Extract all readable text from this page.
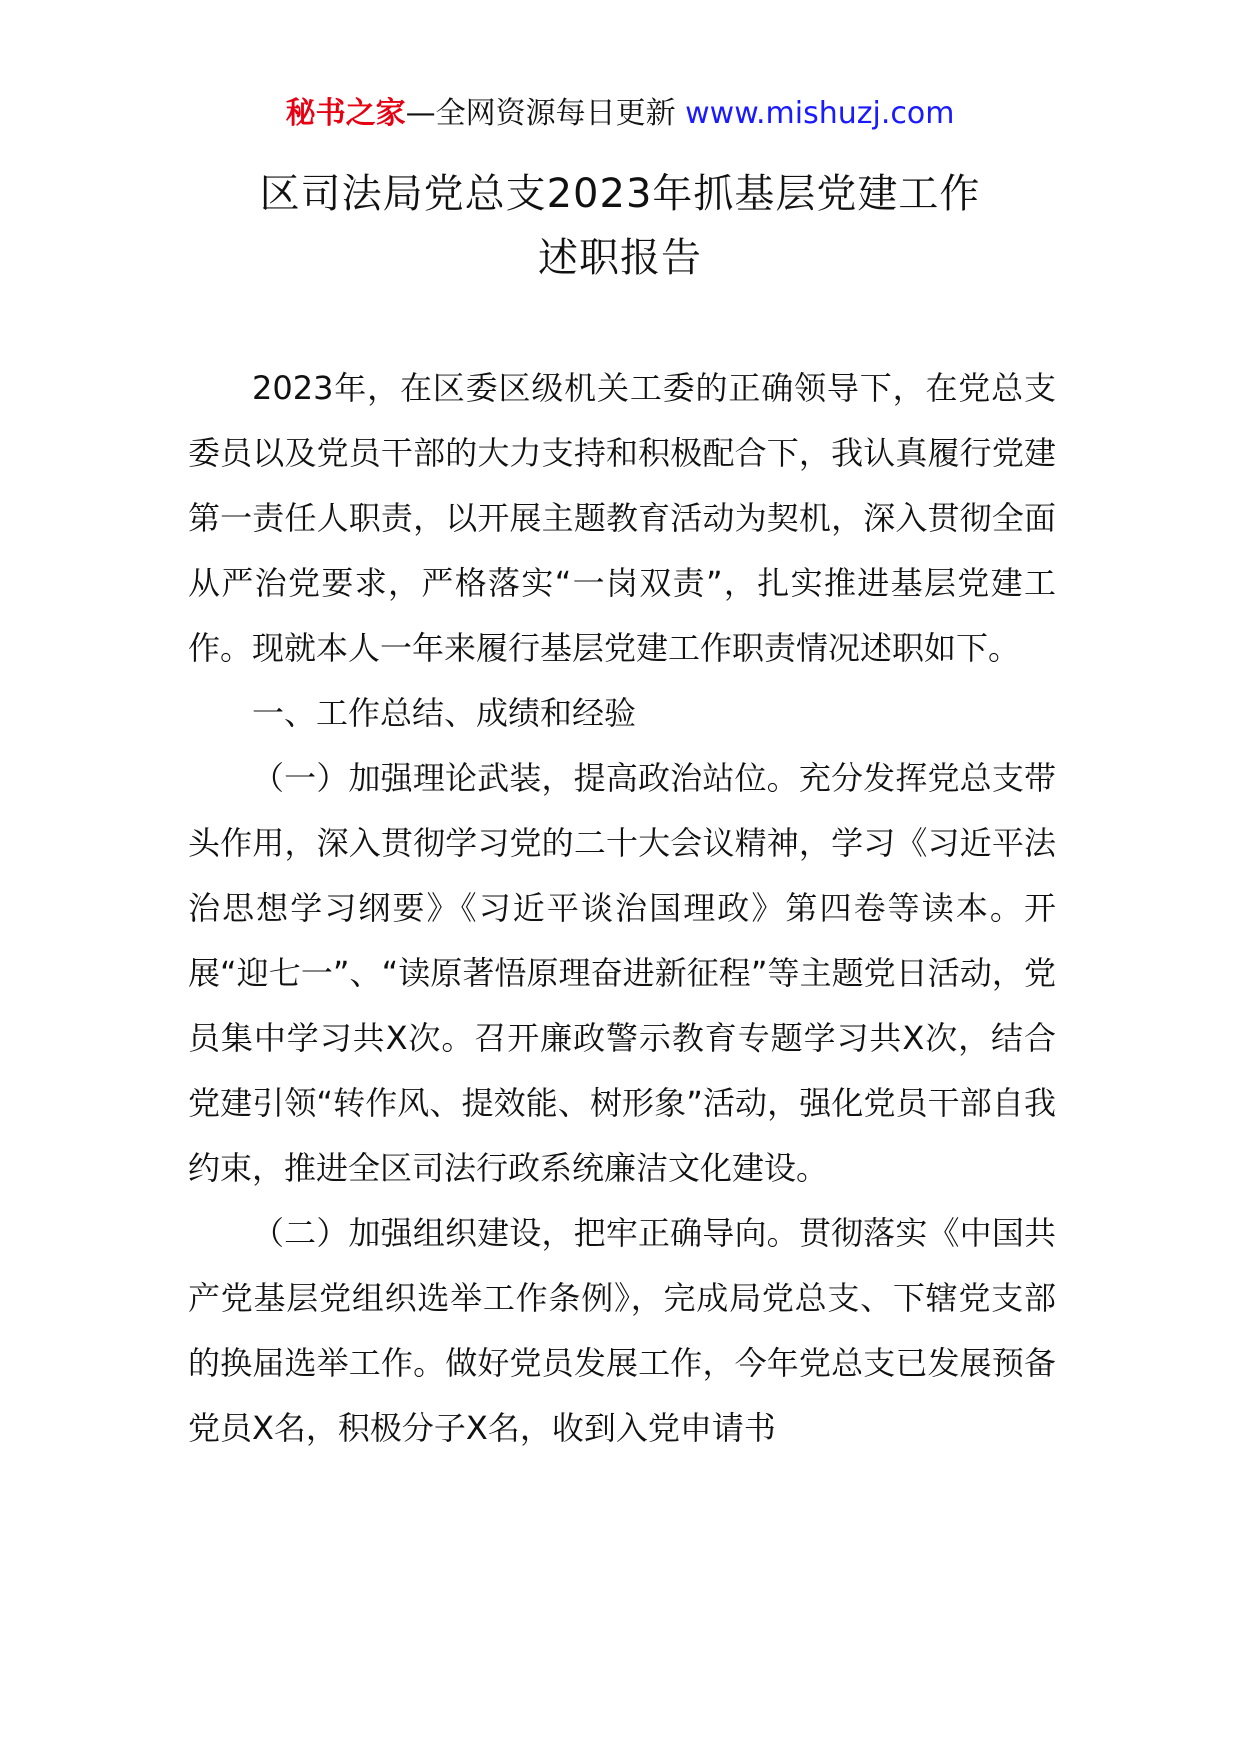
秘书之家—全网资源每日更新 www.mishuzj.com
区司法局党总支2023年抓基层党建工作
述职报告

2023年，在区委区级机关工委的正确领导下，在党总支委员以及党员干部的大力支持和积极配合下，我认真履行党建第一责任人职责，以开展主题教育活动为契机，深入贯彻全面从严治党要求，严格落实“一岗双责”，扎实推进基层党建工作。现就本人一年来履行基层党建工作职责情况述职如下。

一、工作总结、成绩和经验

（一）加强理论武装，提高政治站位。充分发挥党总支带头作用，深入贯彻学习党的二十大会议精神，学习《习近平法治思想学习纲要》《习近平谈治国理政》第四卷等读本。开展“迎七一”、“读原著悟原理奋进新征程”等主题党日活动，党员集中学习共X次。召开廉政警示教育专题学习共X次，结合党建引领“转作风、提效能、树形象”活动，强化党员干部自我约束，推进全区司法行政系统廉洁文化建设。

（二）加强组织建设，把牢正确导向。贯彻落实《中国共产党基层党组织选举工作条例》，完成局党总支、下辖党支部的换届选举工作。做好党员发展工作，今年党总支已发展预备党员X名，积极分子X名，收到入党申请书
